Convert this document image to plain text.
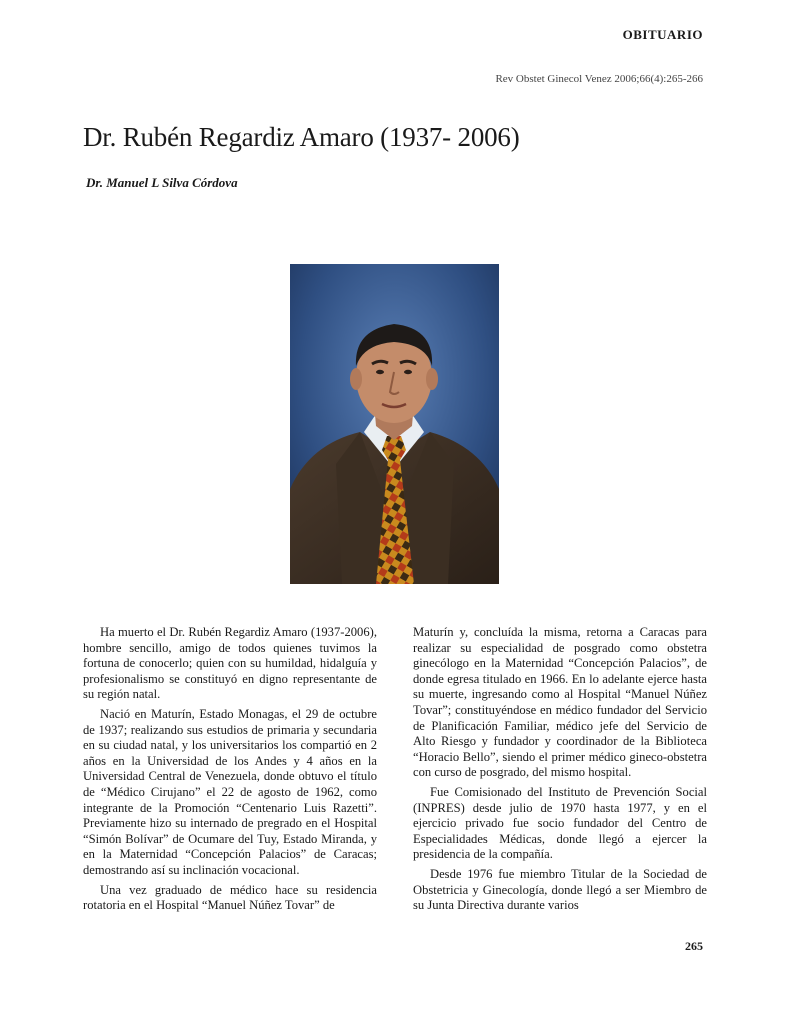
OBITUARIO
Rev Obstet Ginecol Venez 2006;66(4):265-266
Dr. Rubén Regardiz Amaro (1937- 2006)
Dr. Manuel L Silva Córdova

Ha muerto el Dr. Rubén Regardiz Amaro (1937-2006), hombre sencillo, amigo de todos quienes tuvimos la fortuna de conocerlo; quien con su humildad, hidalguía y profesionalismo se constituyó en digno representante de su región natal.

Nació en Maturín, Estado Monagas, el 29 de octubre de 1937; realizando sus estudios de primaria y secundaria en su ciudad natal, y los universitarios los compartió en 2 años en la Universidad de los Andes y 4 años en la Universidad Central de Venezuela, donde obtuvo el título de “Médico Cirujano” el 22 de agosto de 1962, como integrante de la Promoción “Centenario Luis Razetti”. Previamente hizo su internado de pregrado en el Hospital “Simón Bolívar” de Ocumare del Tuy, Estado Miranda, y en la Maternidad “Concepción Palacios” de Caracas; demostrando así su inclinación vocacional.

Una vez graduado de médico hace su residencia rotatoria en el Hospital “Manuel Núñez Tovar” de

Maturín y, concluída la misma, retorna a Caracas para realizar su especialidad de posgrado como obstetra ginecólogo en la Maternidad “Concepción Palacios”, de donde egresa titulado en 1966. En lo adelante ejerce hasta su muerte, ingresando como al Hospital “Manuel Núñez Tovar”; constituyéndose en médico fundador del Servicio de Planificación Familiar, médico jefe del Servicio de Alto Riesgo y fundador y coordinador de la Biblioteca “Horacio Bello”, siendo el primer médico gineco-obstetra con curso de posgrado, del mismo hospital.

Fue Comisionado del Instituto de Prevención Social (INPRES) desde julio de 1970 hasta 1977, y en el ejercicio privado fue socio fundador del Centro de Especialidades Médicas, donde llegó a ejercer la presidencia de la compañía.

Desde 1976 fue miembro Titular de la Sociedad de Obstetricia y Ginecología, donde llegó a ser Miembro de su Junta Directiva durante varios

265
